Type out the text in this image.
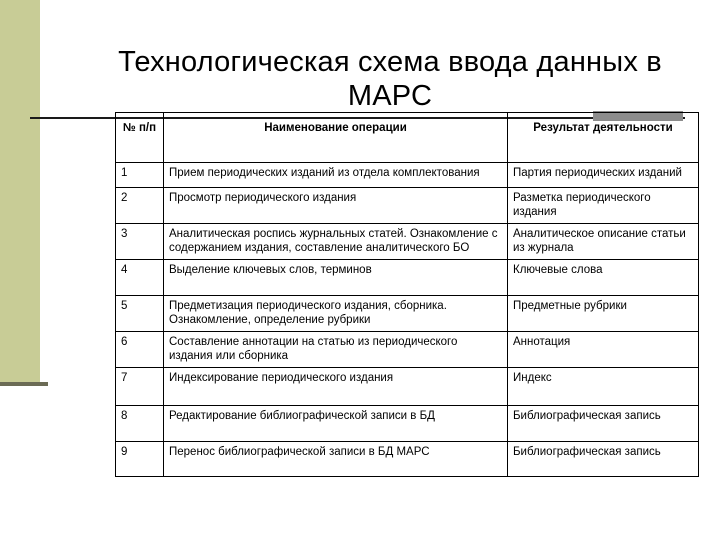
Технологическая схема ввода данных в МАРС
№ п/п	Наименование операции	Результат деятельности
1	Прием периодических изданий из отдела комплектования	Партия периодических изданий
2	Просмотр периодического издания	Разметка периодического издания
3	Аналитическая роспись журнальных статей. Ознакомление с содержанием издания, составление аналитического БО	Аналитическое описание статьи из журнала
4	Выделение ключевых слов, терминов	Ключевые слова
5	Предметизация периодического издания, сборника. Ознакомление, определение рубрики	Предметные рубрики
6	Составление аннотации на статью из периодического издания или сборника	Аннотация
7	Индексирование периодического издания	Индекс
8	Редактирование библиографической записи в БД	Библиографическая запись
9	Перенос библиографической записи в БД МАРС	Библиографическая запись
